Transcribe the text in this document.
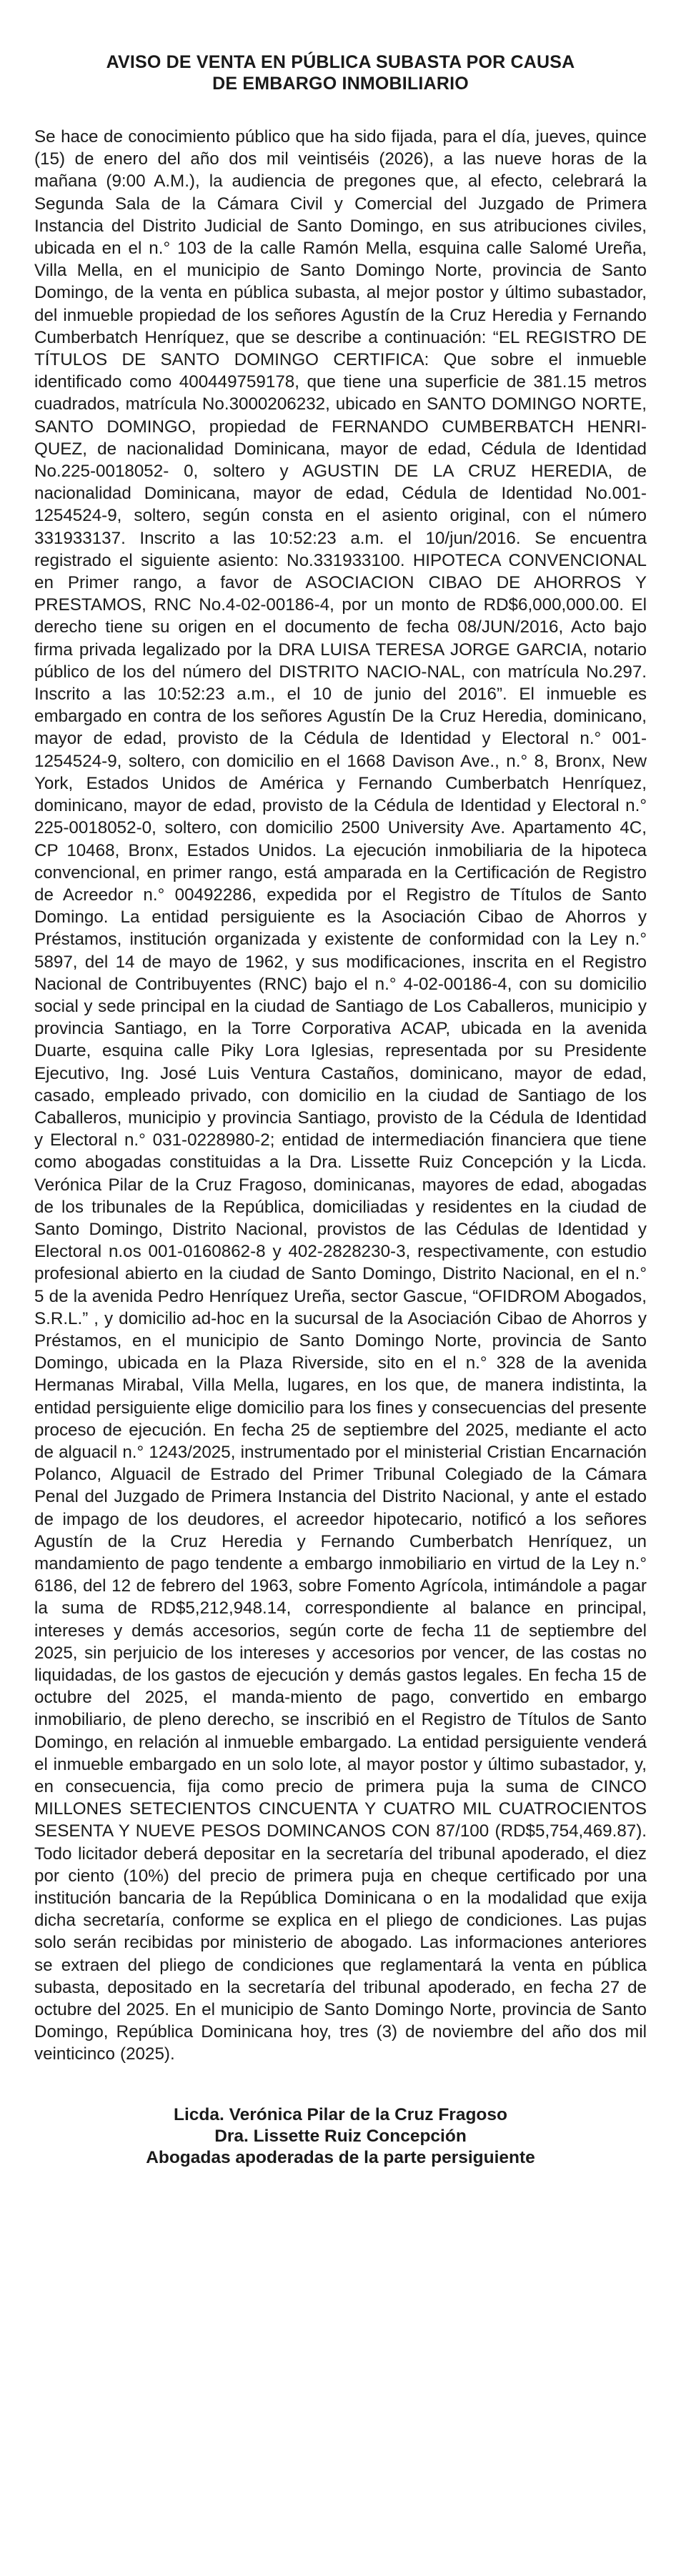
AVISO DE VENTA EN PÚBLICA SUBASTA POR CAUSA
DE EMBARGO INMOBILIARIO

Se hace de conocimiento público que ha sido fijada, para el día, jueves, quince (15) de enero del año dos mil veintiséis (2026), a las nueve horas de la mañana (9:00 A.M.), la audiencia de pregones que, al efecto, celebrará la Segunda Sala de la Cámara Civil y Comercial del Juzgado de Primera Instancia del Distrito Judicial de Santo Domingo, en sus atribuciones civiles, ubicada en el n.° 103 de la calle Ramón Mella, esquina calle Salomé Ureña, Villa Mella, en el municipio de Santo Domingo Norte, provincia de Santo Domingo, de la venta en pública subasta, al mejor postor y último subastador, del inmueble propiedad de los señores Agustín de la Cruz Heredia y Fernando Cumberbatch Henríquez, que se describe a continuación: “EL REGISTRO DE TÍTULOS DE SANTO DOMINGO CERTIFICA: Que sobre el inmueble identificado como 400449759178, que tiene una superficie de 381.15 metros cuadrados, matrícula No.3000206232, ubicado en SANTO DOMINGO NORTE, SANTO DOMINGO, propiedad de FERNANDO CUMBERBATCH HENRI-QUEZ, de nacionalidad Dominicana, mayor de edad, Cédula de Identidad No.225-0018052- 0, soltero y AGUSTIN DE LA CRUZ HEREDIA, de nacionalidad Dominicana, mayor de edad, Cédula de Identidad No.001-1254524-9, soltero, según consta en el asiento original, con el número 331933137. Inscrito a las 10:52:23 a.m. el 10/jun/2016. Se encuentra registrado el siguiente asiento: No.331933100. HIPOTECA CONVENCIONAL en Primer rango, a favor de ASOCIACION CIBAO DE AHORROS Y PRESTAMOS, RNC No.4-02-00186-4, por un monto de RD$6,000,000.00. El derecho tiene su origen en el documento de fecha 08/JUN/2016, Acto bajo firma privada legalizado por la DRA LUISA TERESA JORGE GARCIA, notario público de los del número del DISTRITO NACIO-NAL, con matrícula No.297. Inscrito a las 10:52:23 a.m., el 10 de junio del 2016”. El inmueble es embargado en contra de los señores Agustín De la Cruz Heredia, dominicano, mayor de edad, provisto de la Cédula de Identidad y Electoral n.° 001-1254524-9, soltero, con domicilio en el 1668 Davison Ave., n.° 8, Bronx, New York, Estados Unidos de América y Fernando Cumberbatch Henríquez, dominicano, mayor de edad, provisto de la Cédula de Identidad y Electoral n.° 225-0018052-0, soltero, con domicilio 2500 University Ave. Apartamento 4C, CP 10468, Bronx, Estados Unidos. La ejecución inmobiliaria de la hipoteca convencional, en primer rango, está amparada en la Certificación de Registro de Acreedor n.° 00492286, expedida por el Registro de Títulos de Santo Domingo. La entidad persiguiente es la Asociación Cibao de Ahorros y Préstamos, institución organizada y existente de conformidad con la Ley n.° 5897, del 14 de mayo de 1962, y sus modificaciones, inscrita en el Registro Nacional de Contribuyentes (RNC) bajo el n.° 4-02-00186-4, con su domicilio social y sede principal en la ciudad de Santiago de Los Caballeros, municipio y provincia Santiago, en la Torre Corporativa ACAP, ubicada en la avenida Duarte, esquina calle Piky Lora Iglesias, representada por su Presidente Ejecutivo, Ing. José Luis Ventura Castaños, dominicano, mayor de edad, casado, empleado privado, con domicilio en la ciudad de Santiago de los Caballeros, municipio y provincia Santiago, provisto de la Cédula de Identidad y Electoral n.° 031-0228980-2; entidad de intermediación financiera que tiene como abogadas constituidas a la Dra. Lissette Ruiz Concepción y la Licda. Verónica Pilar de la Cruz Fragoso, dominicanas, mayores de edad, abogadas de los tribunales de la República, domiciliadas y residentes en la ciudad de Santo Domingo, Distrito Nacional, provistos de las Cédulas de Identidad y Electoral n.os 001-0160862-8 y 402-2828230-3, respectivamente, con estudio profesional abierto en la ciudad de Santo Domingo, Distrito Nacional, en el n.° 5 de la avenida Pedro Henríquez Ureña, sector Gascue, “OFIDROM Abogados, S.R.L.” , y domicilio ad-hoc en la sucursal de la Asociación Cibao de Ahorros y Préstamos, en el municipio de Santo Domingo Norte, provincia de Santo Domingo, ubicada en la Plaza Riverside, sito en el n.° 328 de la avenida Hermanas Mirabal, Villa Mella, lugares, en los que, de manera indistinta, la entidad persiguiente elige domicilio para los fines y consecuencias del presente proceso de ejecución. En fecha 25 de septiembre del 2025, mediante el acto de alguacil n.° 1243/2025, instrumentado por el ministerial Cristian Encarnación Polanco, Alguacil de Estrado del Primer Tribunal Colegiado de la Cámara Penal del Juzgado de Primera Instancia del Distrito Nacional, y ante el estado de impago de los deudores, el acreedor hipotecario, notificó a los señores Agustín de la Cruz Heredia y Fernando Cumberbatch Henríquez, un mandamiento de pago tendente a embargo inmobiliario en virtud de la Ley n.° 6186, del 12 de febrero del 1963, sobre Fomento Agrícola, intimándole a pagar la suma de RD$5,212,948.14, correspondiente al balance en principal, intereses y demás accesorios, según corte de fecha 11 de septiembre del 2025, sin perjuicio de los intereses y accesorios por vencer, de las costas no liquidadas, de los gastos de ejecución y demás gastos legales. En fecha 15 de octubre del 2025, el manda-miento de pago, convertido en embargo inmobiliario, de pleno derecho, se inscribió en el Registro de Títulos de Santo Domingo, en relación al inmueble embargado. La entidad persiguiente venderá el inmueble embargado en un solo lote, al mayor postor y último subastador, y, en consecuencia, fija como precio de primera puja la suma de CINCO MILLONES SETECIENTOS CINCUENTA Y CUATRO MIL CUATROCIENTOS SESENTA Y NUEVE PESOS DOMINCANOS CON 87/100 (RD$5,754,469.87). Todo licitador deberá depositar en la secretaría del tribunal apoderado, el diez por ciento (10%) del precio de primera puja en cheque certificado por una institución bancaria de la República Dominicana o en la modalidad que exija dicha secretaría, conforme se explica en el pliego de condiciones. Las pujas solo serán recibidas por ministerio de abogado. Las informaciones anteriores se extraen del pliego de condiciones que reglamentará la venta en pública subasta, depositado en la secretaría del tribunal apoderado, en fecha 27 de octubre del 2025. En el municipio de Santo Domingo Norte, provincia de Santo Domingo, República Dominicana hoy, tres (3) de noviembre del año dos mil veinticinco (2025).

Licda. Verónica Pilar de la Cruz Fragoso
Dra. Lissette Ruiz Concepción
Abogadas apoderadas de la parte persiguiente
